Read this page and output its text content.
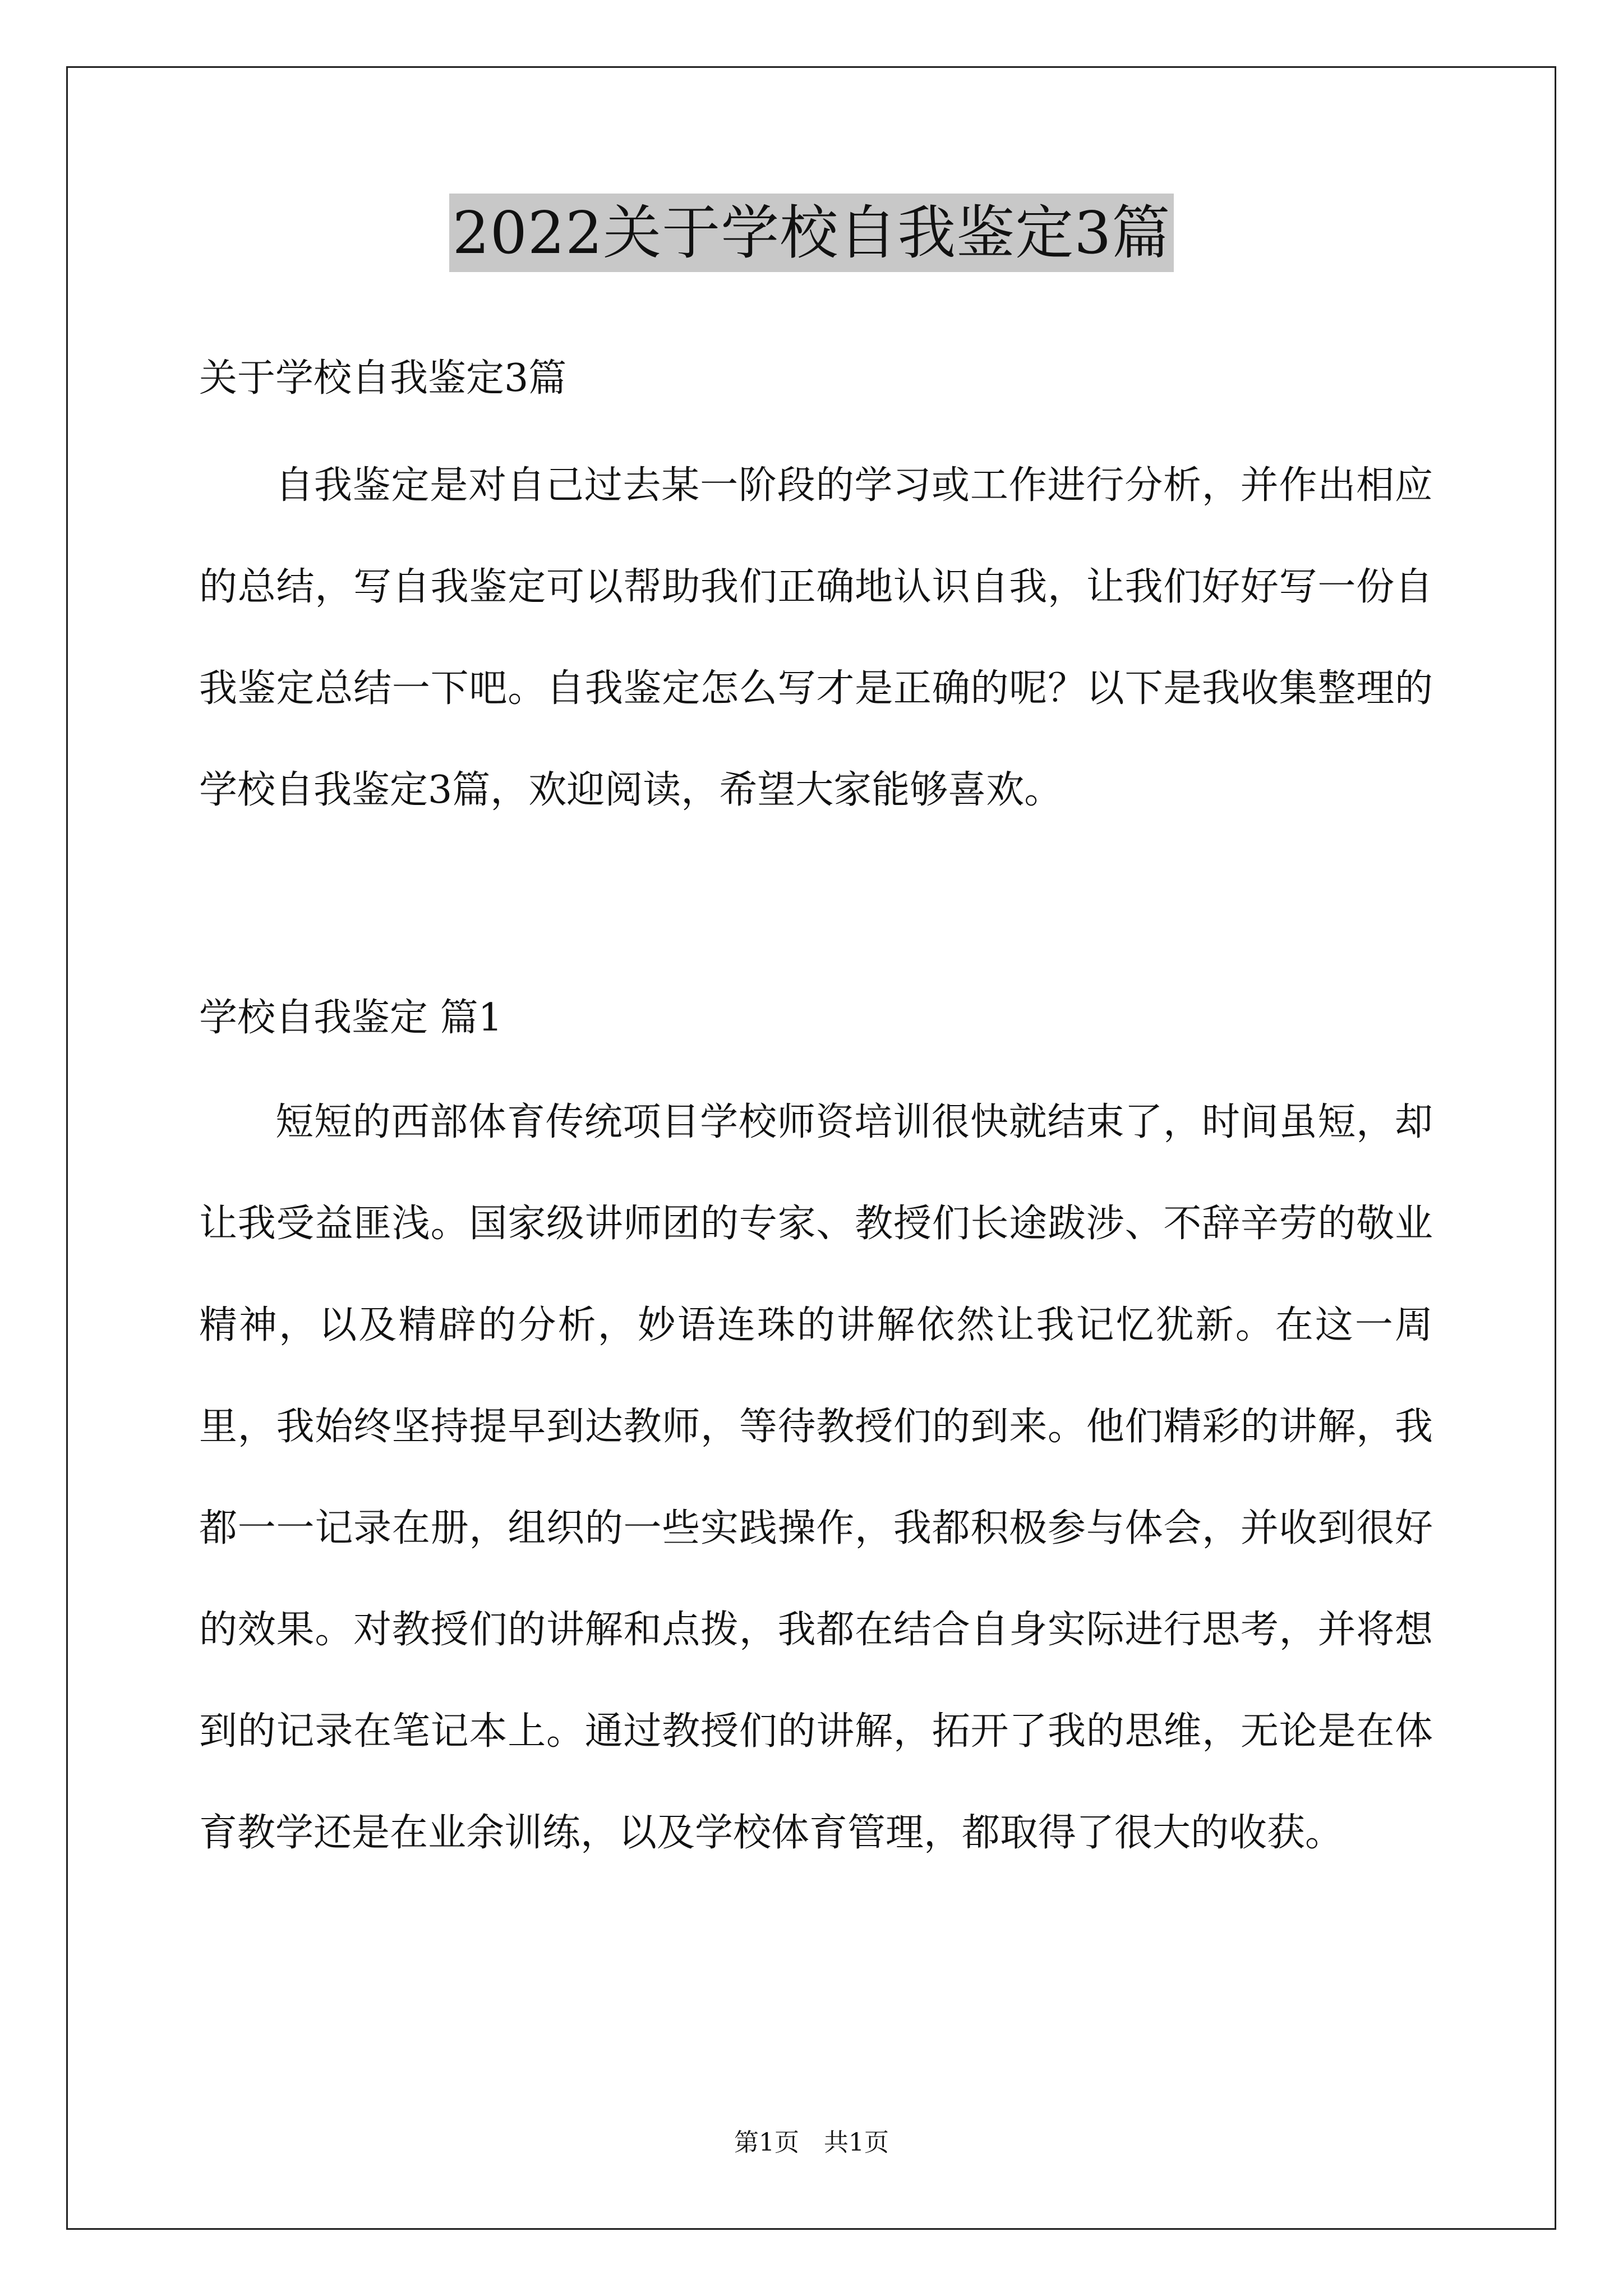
2022关于学校自我鉴定3篇
关于学校自我鉴定3篇

自我鉴定是对自己过去某一阶段的学习或工作进行分析，并作出相应的总结，写自我鉴定可以帮助我们正确地认识自我，让我们好好写一份自我鉴定总结一下吧。自我鉴定怎么写才是正确的呢？以下是我收集整理的学校自我鉴定3篇，欢迎阅读，希望大家能够喜欢。

学校自我鉴定 篇1

短短的西部体育传统项目学校师资培训很快就结束了，时间虽短，却让我受益匪浅。国家级讲师团的专家、教授们长途跋涉、不辞辛劳的敬业精神，以及精辟的分析，妙语连珠的讲解依然让我记忆犹新。在这一周里，我始终坚持提早到达教师，等待教授们的到来。他们精彩的讲解，我都一一记录在册，组织的一些实践操作，我都积极参与体会，并收到很好的效果。对教授们的讲解和点拨，我都在结合自身实际进行思考，并将想到的记录在笔记本上。通过教授们的讲解，拓开了我的思维，无论是在体育教学还是在业余训练，以及学校体育管理，都取得了很大的收获。

第1页　共1页
